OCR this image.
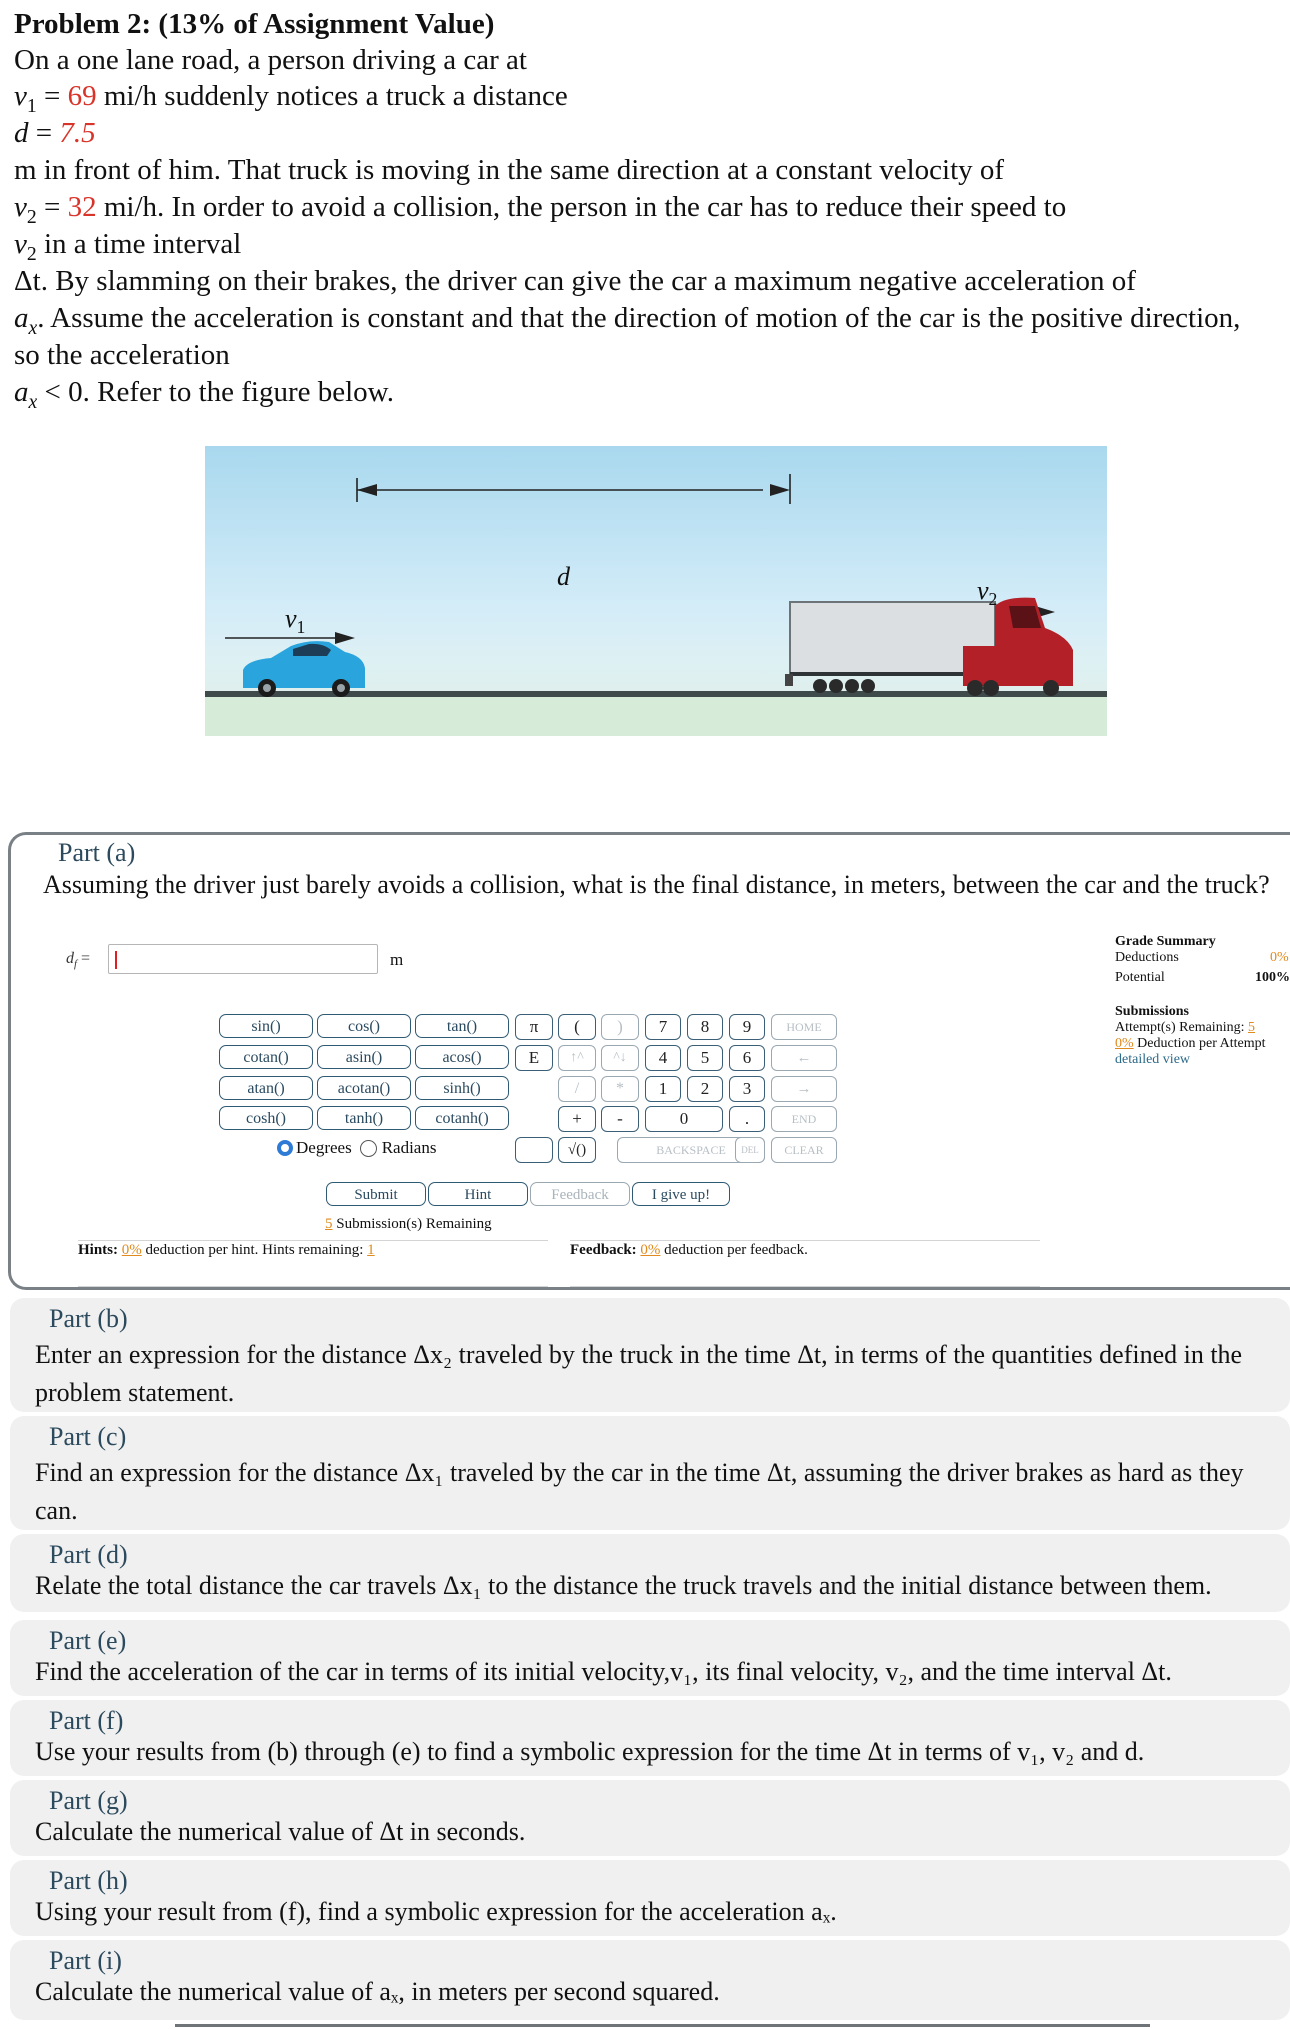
Problem 2: (13% of Assignment Value)
On a one lane road, a person driving a car at
$v_1 = 69$ mi/h suddenly notices a truck a distance
d = 7.5
m in front of him. That truck is moving in the same direction at a constant velocity of
$v_2 = 32$ mi/h. In order to avoid a collision, the person in the car has to reduce their speed to
$v_2$ in a time interval
Δt. By slamming on their brakes, the driver can give the car a maximum negative acceleration of
$a_x$. Assume the acceleration is constant and that the direction of motion of the car is the positive direction,
so the acceleration
$a_x < 0$. Refer to the figure below.
d
$v_1$
$v_2$
Part (a)
Assuming the driver just barely avoids a collision, what is the final distance, in meters, between the car and the truck?
$d_f$ =	m
sin()	cos()	tan()
cotan()	asin()	acos()
atan()	acotan()	sinh()
cosh()	tanh()	cotanh()
Degrees Radians
π	(	)
E	↑^	^↓
/	*
+	-
√()
7	8	9
4	5	6
1	2	3
0	.
HOME
←
→
END
BACKSPACE	DEL	CLEAR
Submit	Hint	Feedback	I give up!
5 Submission(s) Remaining
Hints: 0% deduction per hint. Hints remaining: 1	Feedback: 0% deduction per feedback.
Grade Summary
Deductions	0%
Potential	100%
Submissions
Attempt(s) Remaining: 5
0% Deduction per Attempt
detailed view
Part (b)
Enter an expression for the distance Δx₂ traveled by the truck in the time Δt, in terms of the quantities defined in the problem statement.
Part (c)
Find an expression for the distance Δx₁ traveled by the car in the time Δt, assuming the driver brakes as hard as they can.
Part (d)
Relate the total distance the car travels Δx₁ to the distance the truck travels and the initial distance between them.
Part (e)
Find the acceleration of the car in terms of its initial velocity,v₁, its final velocity, v₂, and the time interval Δt.
Part (f)
Use your results from (b) through (e) to find a symbolic expression for the time Δt in terms of v₁, v₂ and d.
Part (g)
Calculate the numerical value of Δt in seconds.
Part (h)
Using your result from (f), find a symbolic expression for the acceleration aₓ.
Part (i)
Calculate the numerical value of aₓ, in meters per second squared.
